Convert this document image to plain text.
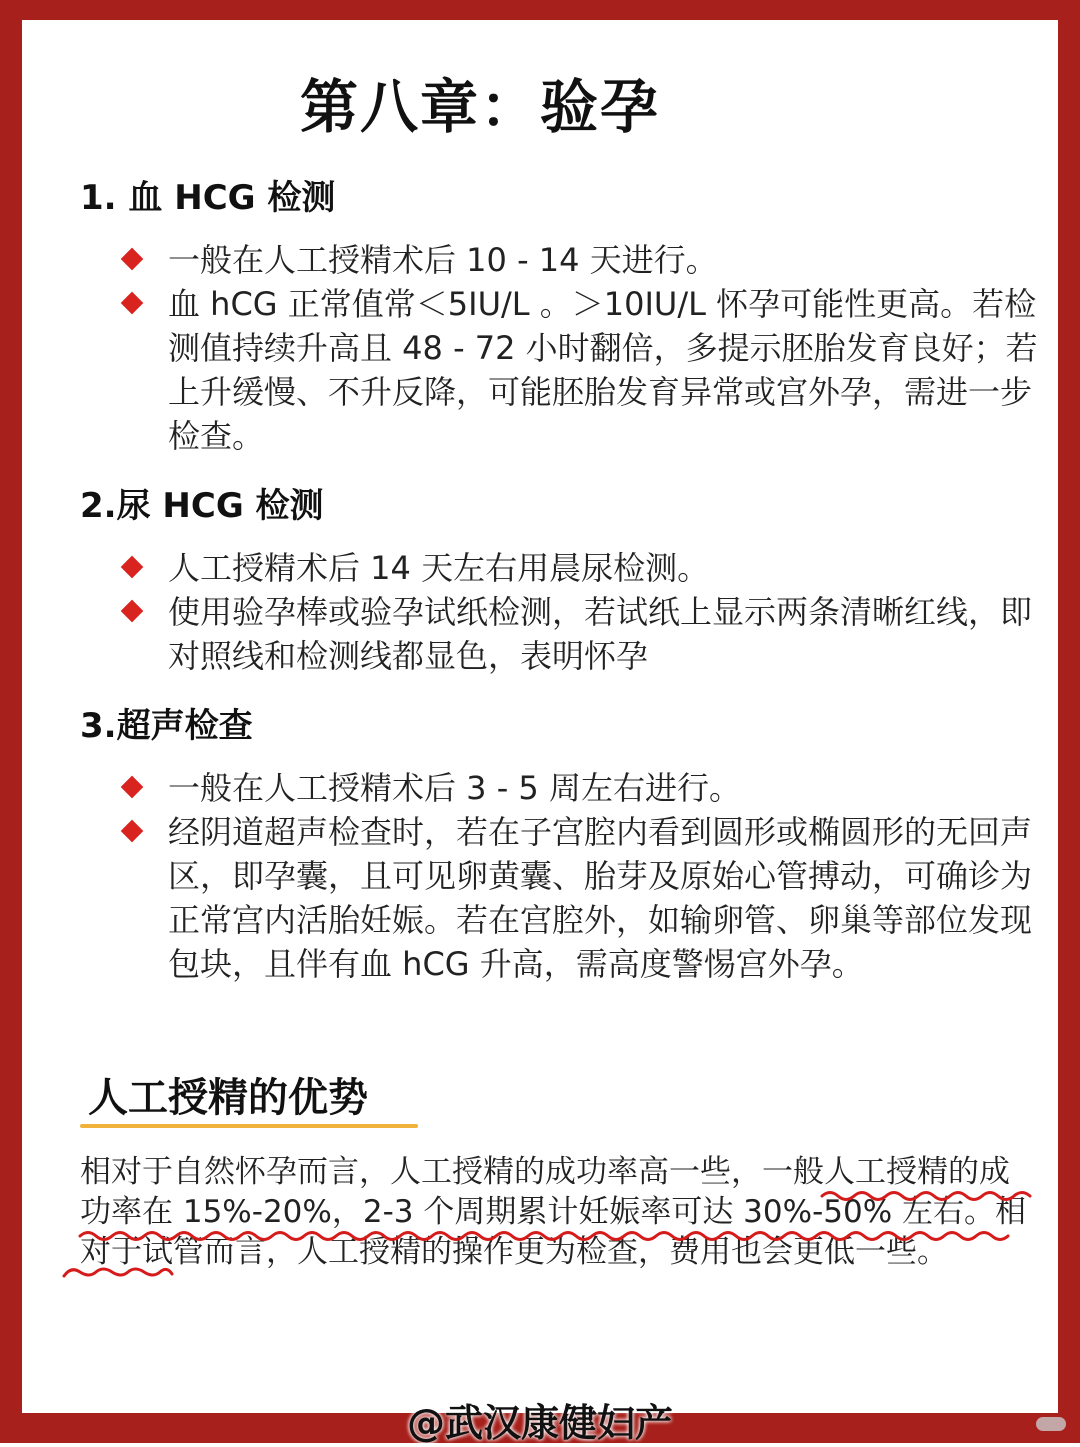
第八章：验孕
1. 血 HCG 检测
一般在人工授精术后 10 - 14 天进行。
血 hCG 正常值常＜5IU/L 。＞10IU/L 怀孕可能性更高。若检测值持续升高且 48 - 72 小时翻倍，多提示胚胎发育良好；若上升缓慢、不升反降，可能胚胎发育异常或宫外孕，需进一步检查。
2.尿 HCG 检测
人工授精术后 14 天左右用晨尿检测。
使用验孕棒或验孕试纸检测，若试纸上显示两条清晰红线，即对照线和检测线都显色，表明怀孕
3.超声检查
一般在人工授精术后 3 - 5 周左右进行。
经阴道超声检查时，若在子宫腔内看到圆形或椭圆形的无回声区，即孕囊，且可见卵黄囊、胎芽及原始心管搏动，可确诊为正常宫内活胎妊娠。若在宫腔外，如输卵管、卵巢等部位发现包块，且伴有血 hCG 升高，需高度警惕宫外孕。
人工授精的优势
相对于自然怀孕而言，人工授精的成功率高一些，一般人工授精的成功率在 15%-20%，2-3 个周期累计妊娠率可达 30%-50% 左右。相对于试管而言，人工授精的操作更为检查，费用也会更低一些。
@武汉康健妇产
